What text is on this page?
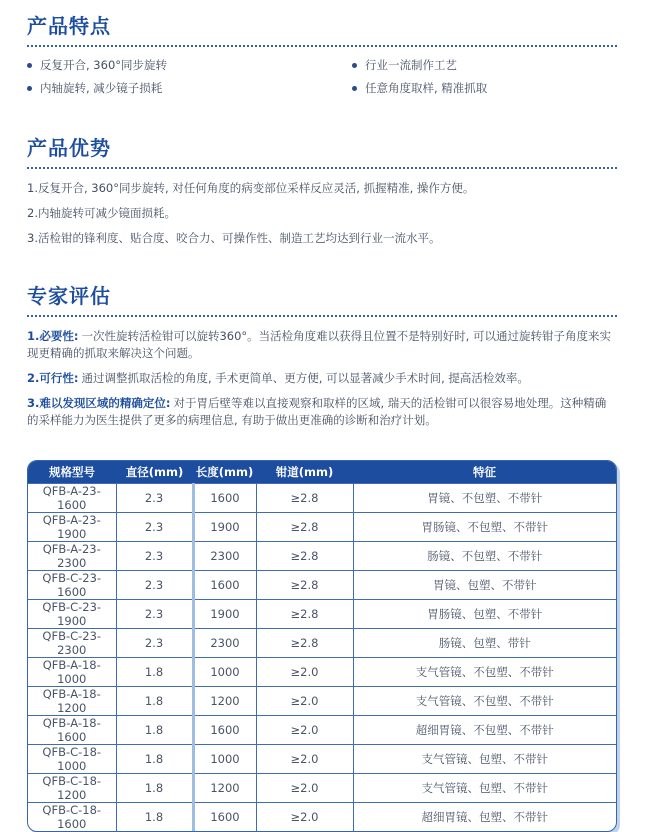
产品特点
反复开合, 360°同步旋转	行业一流制作工艺
内轴旋转, 减少镜子损耗	任意角度取样, 精准抓取
产品优势

1.反复开合, 360°同步旋转, 对任何角度的病变部位采样反应灵活, 抓握精准, 操作方便。

2.内轴旋转可减少镜面损耗。

3.活检钳的锋利度、贴合度、咬合力、可操作性、制造工艺均达到行业一流水平。

专家评估

1.必要性: 一次性旋转活检钳可以旋转360°。当活检角度难以获得且位置不是特别好时, 可以通过旋转钳子角度来实现更精确的抓取来解决这个问题。

2.可行性: 通过调整抓取活检的角度, 手术更简单、更方便, 可以显著减少手术时间, 提高活检效率。

3.难以发现区域的精确定位: 对于胃后壁等难以直接观察和取样的区域, 瑞天的活检钳可以很容易地处理。这种精确的采样能力为医生提供了更多的病理信息, 有助于做出更准确的诊断和治疗计划。

规格型号	直径(mm)	长度(mm)	钳道(mm)	特征
QFB-A-23-1600	2.3	1600	≥2.8	胃镜、不包塑、不带针
QFB-A-23-1900	2.3	1900	≥2.8	胃肠镜、不包塑、不带针
QFB-A-23-2300	2.3	2300	≥2.8	肠镜、不包塑、不带针
QFB-C-23-1600	2.3	1600	≥2.8	胃镜、包塑、不带针
QFB-C-23-1900	2.3	1900	≥2.8	胃肠镜、包塑、不带针
QFB-C-23-2300	2.3	2300	≥2.8	肠镜、包塑、带针
QFB-A-18-1000	1.8	1000	≥2.0	支气管镜、不包塑、不带针
QFB-A-18-1200	1.8	1200	≥2.0	支气管镜、不包塑、不带针
QFB-A-18-1600	1.8	1600	≥2.0	超细胃镜、不包塑、不带针
QFB-C-18-1000	1.8	1000	≥2.0	支气管镜、包塑、不带针
QFB-C-18-1200	1.8	1200	≥2.0	支气管镜、包塑、不带针
QFB-C-18-1600	1.8	1600	≥2.0	超细胃镜、包塑、不带针
